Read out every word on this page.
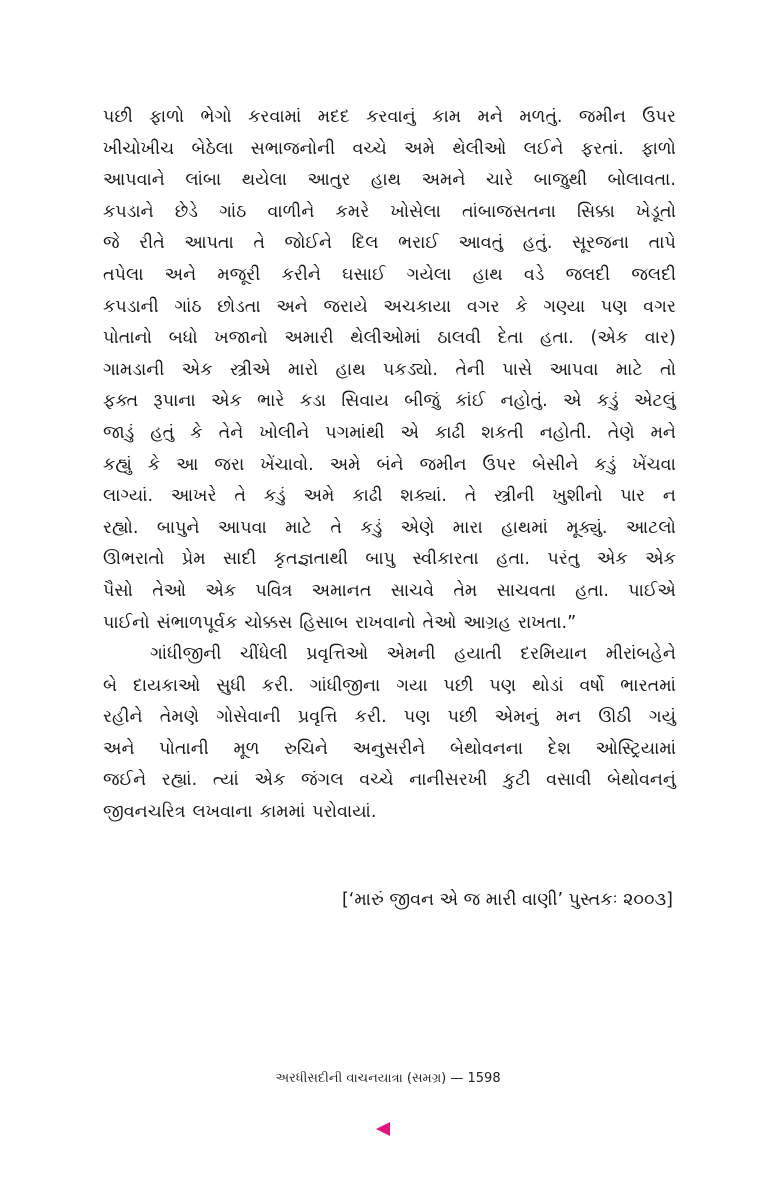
પછી ફાળો ભેગો કરવામાં મદદ કરવાનું કામ મને મળતું. જમીન ઉપર
ખીચોખીચ બેઠેલા સભાજનોની વચ્ચે અમે થેલીઓ લઈને ફરતાં. ફાળો
આપવાને લાંબા થયેલા આતુર હાથ અમને ચારે બાજુથી બોલાવતા.
કપડાને છેડે ગાંઠ વાળીને કમરે ખોસેલા તાંબાજસતના સિક્કા ખેડૂતો
જે રીતે આપતા તે જોઈને દિલ ભરાઈ આવતું હતું. સૂરજના તાપે
તપેલા અને મજૂરી કરીને ઘસાઈ ગયેલા હાથ વડે જલદી જલદી
કપડાની ગાંઠ છોડતા અને જરાયે અચકાયા વગર કે ગણ્યા પણ વગર
પોતાનો બધો ખજાનો અમારી થેલીઓમાં ઠાલવી દેતા હતા. (એક વાર)
ગામડાની એક સ્ત્રીએ મારો હાથ પકડ્યો. તેની પાસે આપવા માટે તો
ફક્ત રૂપાના એક ભારે કડા સિવાય બીજું કાંઈ નહોતું. એ કડું એટલું
જાડું હતું કે તેને ખોલીને પગમાંથી એ કાઢી શકતી નહોતી. તેણે મને
કહ્યું કે આ જરા ખેંચાવો. અમે બંને જમીન ઉપર બેસીને કડું ખેંચવા
લાગ્યાં. આખરે તે કડું અમે કાઢી શક્યાં. તે સ્ત્રીની ખુશીનો પાર ન
રહ્યો. બાપુને આપવા માટે તે કડું એણે મારા હાથમાં મૂક્યું. આટલો
ઊભરાતો પ્રેમ સાદી કૃતજ્ઞતાથી બાપુ સ્વીકારતા હતા. પરંતુ એક એક
પૈસો તેઓ એક પવિત્ર અમાનત સાચવે તેમ સાચવતા હતા. પાઈએ
પાઈનો સંભાળપૂર્વક ચોક્કસ હિસાબ રાખવાનો તેઓ આગ્રહ રાખતા.”
ગાંધીજીની ચીંધેલી પ્રવૃત્તિઓ એમની હયાતી દરમિયાન મીરાંબહેને
બે દાયકાઓ સુધી કરી. ગાંધીજીના ગયા પછી પણ થોડાં વર્ષો ભારતમાં
રહીને તેમણે ગોસેવાની પ્રવૃત્તિ કરી. પણ પછી એમનું મન ઊઠી ગયું
અને પોતાની મૂળ રુચિને અનુસરીને બેથોવનના દેશ ઓસ્ટ્રિયામાં
જઈને રહ્યાં. ત્યાં એક જંગલ વચ્ચે નાનીસરખી કુટી વસાવી બેથોવનનું
જીવનચરિત્ર લખવાના કામમાં પરોવાયાં.
[‘મારું જીવન એ જ મારી વાણી’ પુસ્તકઃ ૨૦૦૩]
અરધીસદીની વાચનયાત્રા (સમગ્ર) — 1598
